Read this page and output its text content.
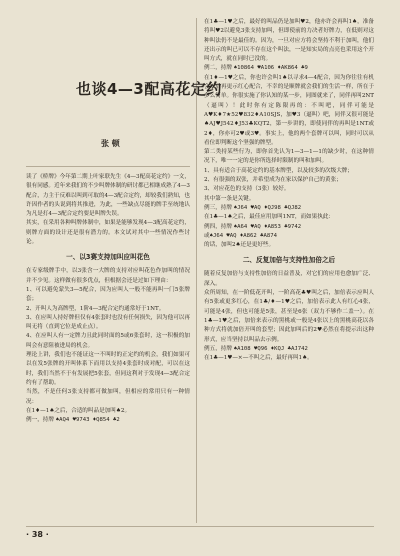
也谈4—3配高花定约
张 顿

读了《桥牌》今年第二期上叶家联先生《4—3配高花定约》一文，很有同感。近年来我们的不少叫牌体制的研讨都已相继成熟了4—3配合，力主于反难以叫到可取的4—3配合定约，却较我们熟知，也许因作者的头说到将其推进，为此，一些缺点尽能的牌手至统地认为凡是打4—3配合定约要是叫牌失误。

其实，在采用各种叫牌体制中，如果是能够发现4—3配高花定约，则牌方面的设计还是很有潜力的。本文试对其中一些情况作些讨论。

一、以3赛支持加叫应叫花色

在专家级牌手中，以3张含一大牌的支持对应叫花色作加叫的情况并不少见。这样做有很多优点，但根据会还是过如下理由：

1、可以避免蒙失3—5配合，因为应叫人一般不能再叫一门5张牌套；

2、开叫人为高牌型，1阶4—3配合定约通常好于1NT。

3、在应叫人持好牌但仅有4张套时也没有任何损失，因为他可以再叫无将（直到它位是成止点）。

4、在应叫人有一定牌力且此同时面的5或6张套时，这一积极的加叫会有意阻被进局的机会。

理论上讲，我们也不能证这一不叫时的正定约的机会，我们如果可以在发5张牌的开叫体系下而用以支持4张套时成对配，可以在这时，我们当然不于有发展把5张套，但同这利对于发现4—3配合定约有了帮助。

当然，不是任何3张支持都可做加叫，但相应的常用只有一种情况：

在1♦—1♠之后，合适的叫品是加叫♠2。

例一，持牌 ♠AQ4 ♥9743 ♦Q854 ♣2

在1♣—1♥之后，最好的叫品仍是加叫♥2，他亦许会再叫1♠，准备将叫♥2以避免3张支持加叫，但即使前的力决者好牌力，在低则对这种叫法仍不是最佳的。因为，一旦对应方将会坚持不利于加叫，他们还出示的叫已可以不存在这个叫法，一是知实局的点亮也采用这个开叫方式，就在同时已没的。

例二，持牌 ♠10864 ♥A106 ♦AK864 ♣9

在1♦—1♥之后，你也许会叫1♠以寻求4—4配合，因为你往往有机会以后再更示红心配合，不幸的是顺牌就会我们的生活一样，所在于多么简单。你很实施了你认知的某一步，同图就来了，同伴再叫2NT（逼叫）！此时你有定陈限再的：不叫吧，同伴可能是A♥K♦7★52♥832♦A10SJS，加♥3（逼叫）吧，同伴又很可能是♠AJ♥J542♦J53♣KQT2，第一步讲的，即使同伴的再叫是1NT或2♦，你亦可2♥或3♥。事实上，他的两个套牌可以叫，同时可以从看位即判断这个坚强的牌型。

第二类持某些行为，即你首先认为1—3—1—1的缺少时，在这种情况下，唯一一定的是你所选择时限制的叫和加叫。

1、具有适合于高花定约的基本牌型，以及较多的次级大牌；

2、有很强的双张，并希望成为在家以保护自己的黄张；

3、对应花色的支持（3张）较好。

其中第一条是关键。

例三，持牌 ♠J64 ♥AQ ♦QJ98 ♣QJ82

在1♣—1♠之后，最佳应用加叫1NT，而如果执此：

例四，持牌 ♠A64 ♥AQ ♦A853 ♣9742

或♠J64 ♥AQ ♦A862 ♣A874

的话，加叫2♠还是更好些。

二、反复加倍与支持性加倍之后

随着反复加倍与支持性加倍的日益普及，对它们的应用也愈加广泛、深入。

众所周知，在一阶低花开叫，一阶高花♣♥叫之后，加倍表示应叫人有5张或更多红心，在1♣/♦—1♥之后，加倍表示此人有红心4张，可能是4张，但也可能是5张，甚至是6张（双力不够作二盖一）。在1♣—1♥之后，加倍来表示的黑桃或一般是4张以上的黑桃高花以各种方式将就加倍开叫的套型；因此加叫后的2♥必然在将提示出这种形式，应当坚持以叫品去示例。

例五，持牌 ♠A108 ♥Q96 ♦KQJ ♣AJ742

在1♣—1♥—×—不叫之后，最好再叫1♠。

· 38 ·
